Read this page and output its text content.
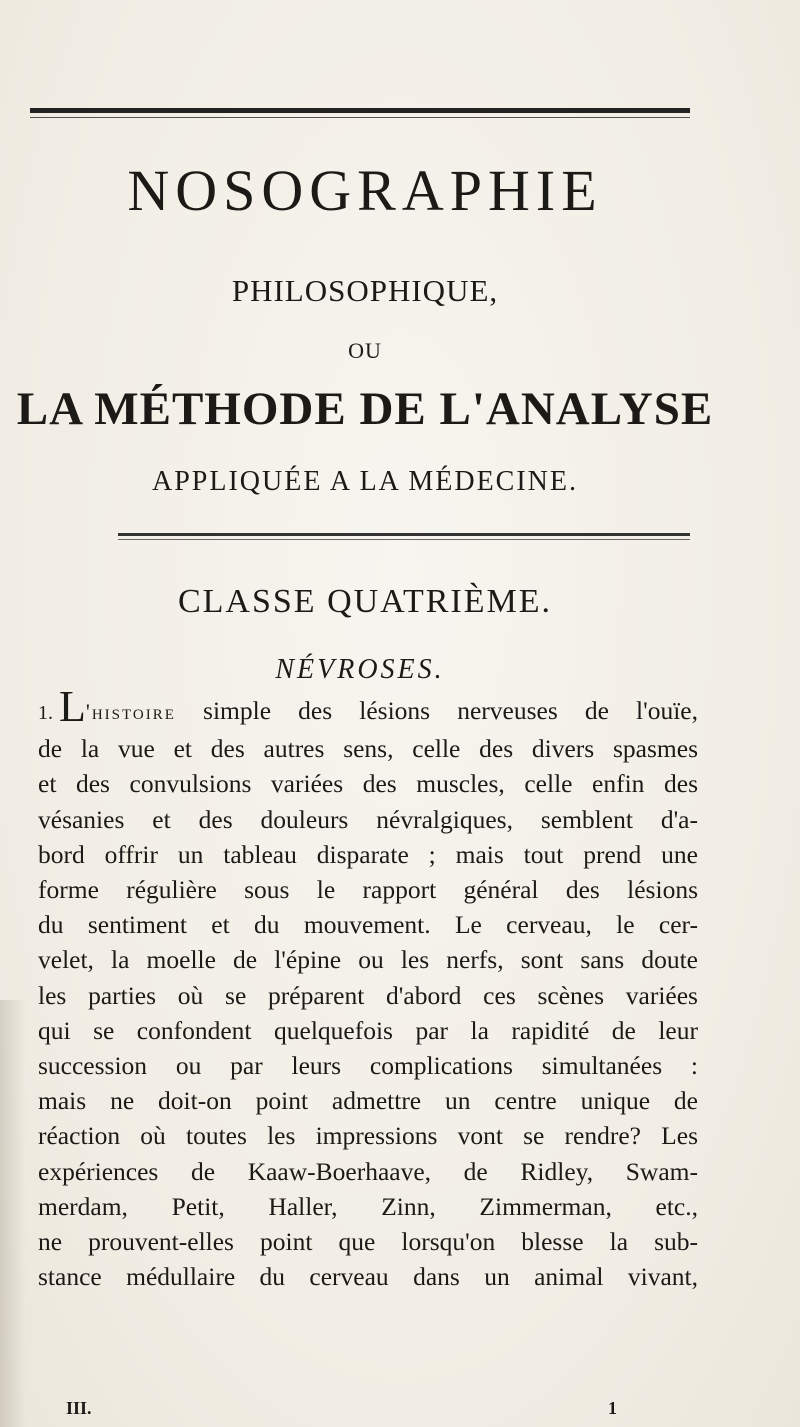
NOSOGRAPHIE
PHILOSOPHIQUE,
OU
LA MÉTHODE DE L'ANALYSE
APPLIQUÉE A LA MÉDECINE.
CLASSE QUATRIÈME.
NÉVROSES.
1. L'histoire simple des lésions nerveuses de l'ouïe,
de la vue et des autres sens, celle des divers spasmes
et des convulsions variées des muscles, celle enfin des
vésanies et des douleurs névralgiques, semblent d'a-
bord offrir un tableau disparate ; mais tout prend une
forme régulière sous le rapport général des lésions
du sentiment et du mouvement. Le cerveau, le cer-
velet, la moelle de l'épine ou les nerfs, sont sans doute
les parties où se préparent d'abord ces scènes variées
qui se confondent quelquefois par la rapidité de leur
succession ou par leurs complications simultanées :
mais ne doit-on point admettre un centre unique de
réaction où toutes les impressions vont se rendre? Les
expériences de Kaaw-Boerhaave, de Ridley, Swam-
merdam, Petit, Haller, Zinn, Zimmerman, etc.,
ne prouvent-elles point que lorsqu'on blesse la sub-
stance médullaire du cerveau dans un animal vivant,
III.	1
